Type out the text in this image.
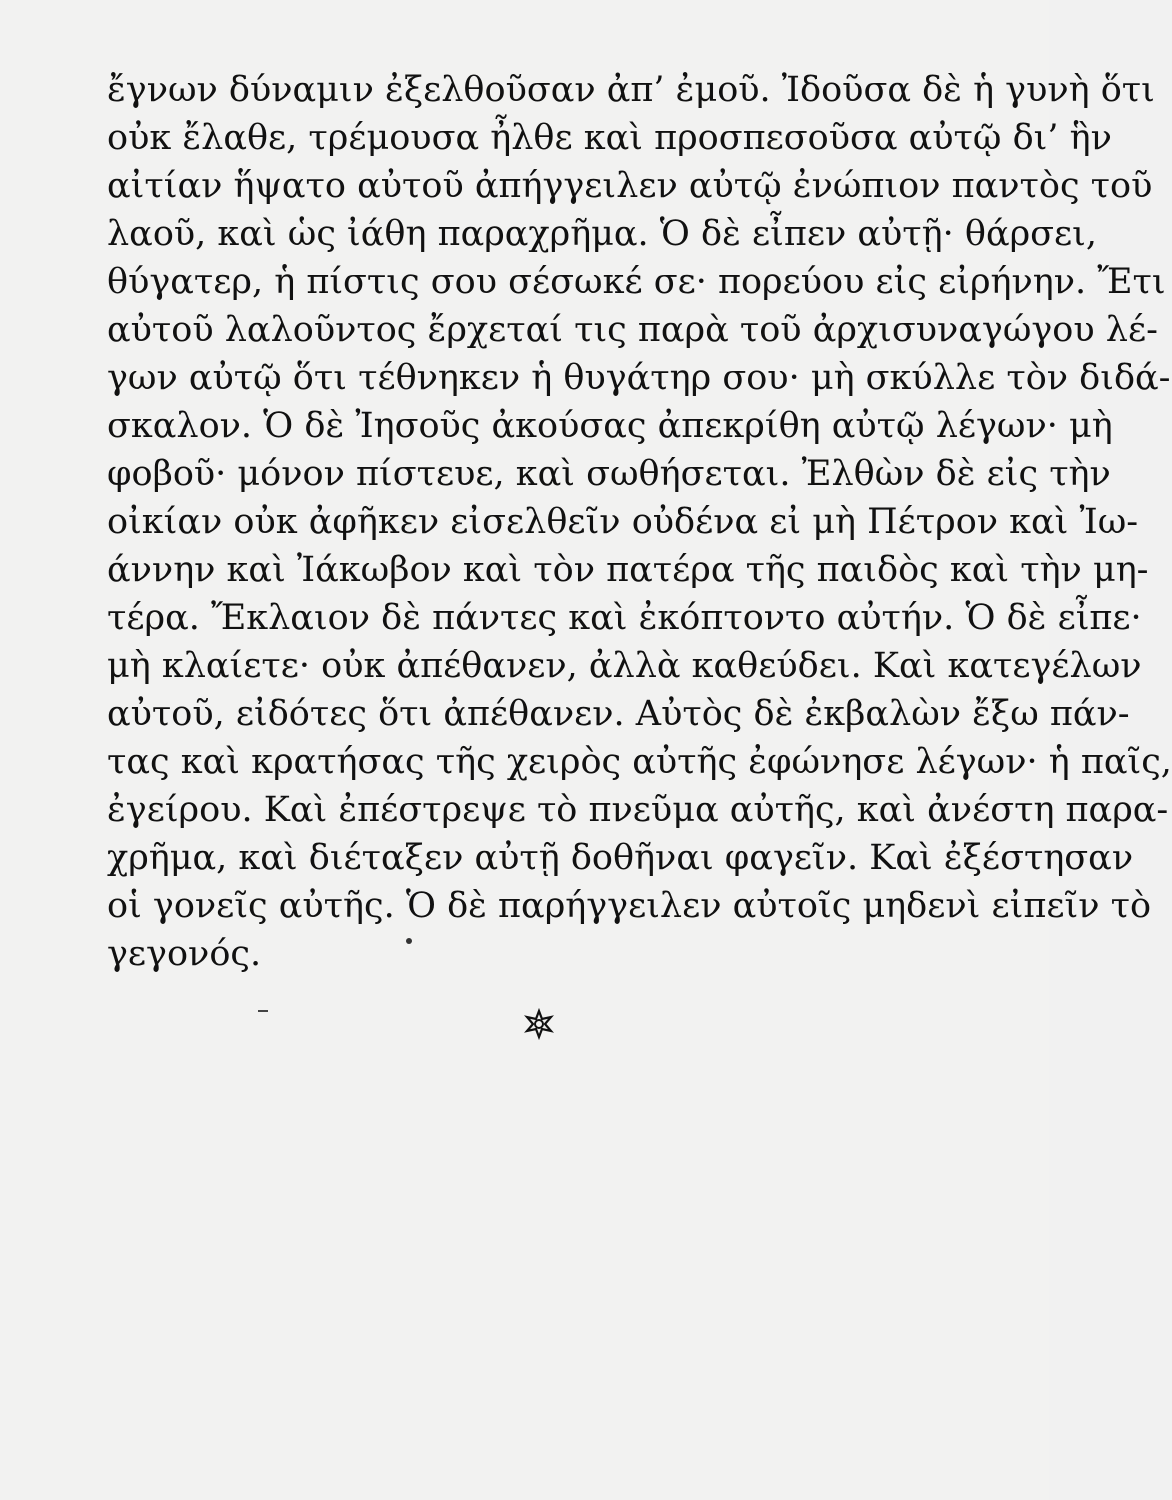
ἔγνων δύναμιν ἐξελθοῦσαν ἀπ’ ἐμοῦ. Ἰδοῦσα δὲ ἡ γυνὴ ὅτι
οὐκ ἔλαθε, τρέμουσα ἦλθε καὶ προσπεσοῦσα αὐτῷ δι’ ἣν
αἰτίαν ἥψατο αὐτοῦ ἀπήγγειλεν αὐτῷ ἐνώπιον παντὸς τοῦ
λαοῦ, καὶ ὡς ἰάθη παραχρῆμα. Ὁ δὲ εἶπεν αὐτῇ· θάρσει,
θύγατερ, ἡ πίστις σου σέσωκέ σε· πορεύου εἰς εἰρήνην. Ἔτι
αὐτοῦ λαλοῦντος ἔρχεταί τις παρὰ τοῦ ἀρχισυναγώγου λέ-
γων αὐτῷ ὅτι τέθνηκεν ἡ θυγάτηρ σου· μὴ σκύλλε τὸν διδά-
σκαλον. Ὁ δὲ Ἰησοῦς ἀκούσας ἀπεκρίθη αὐτῷ λέγων· μὴ
φοβοῦ· μόνον πίστευε, καὶ σωθήσεται. Ἐλθὼν δὲ εἰς τὴν
οἰκίαν οὐκ ἀφῆκεν εἰσελθεῖν οὐδένα εἰ μὴ Πέτρον καὶ Ἰω-
άννην καὶ Ἰάκωβον καὶ τὸν πατέρα τῆς παιδὸς καὶ τὴν μη-
τέρα. Ἔκλαιον δὲ πάντες καὶ ἐκόπτοντο αὐτήν. Ὁ δὲ εἶπε·
μὴ κλαίετε· οὐκ ἀπέθανεν, ἀλλὰ καθεύδει. Καὶ κατεγέλων
αὐτοῦ, εἰδότες ὅτι ἀπέθανεν. Αὐτὸς δὲ ἐκβαλὼν ἔξω πάν-
τας καὶ κρατήσας τῆς χειρὸς αὐτῆς ἐφώνησε λέγων· ἡ παῖς,
ἐγείρου. Καὶ ἐπέστρεψε τὸ πνεῦμα αὐτῆς, καὶ ἀνέστη παρα-
χρῆμα, καὶ διέταξεν αὐτῇ δοθῆναι φαγεῖν. Καὶ ἐξέστησαν
οἱ γονεῖς αὐτῆς. Ὁ δὲ παρήγγειλεν αὐτοῖς μηδενὶ εἰπεῖν τὸ
γεγονός.
